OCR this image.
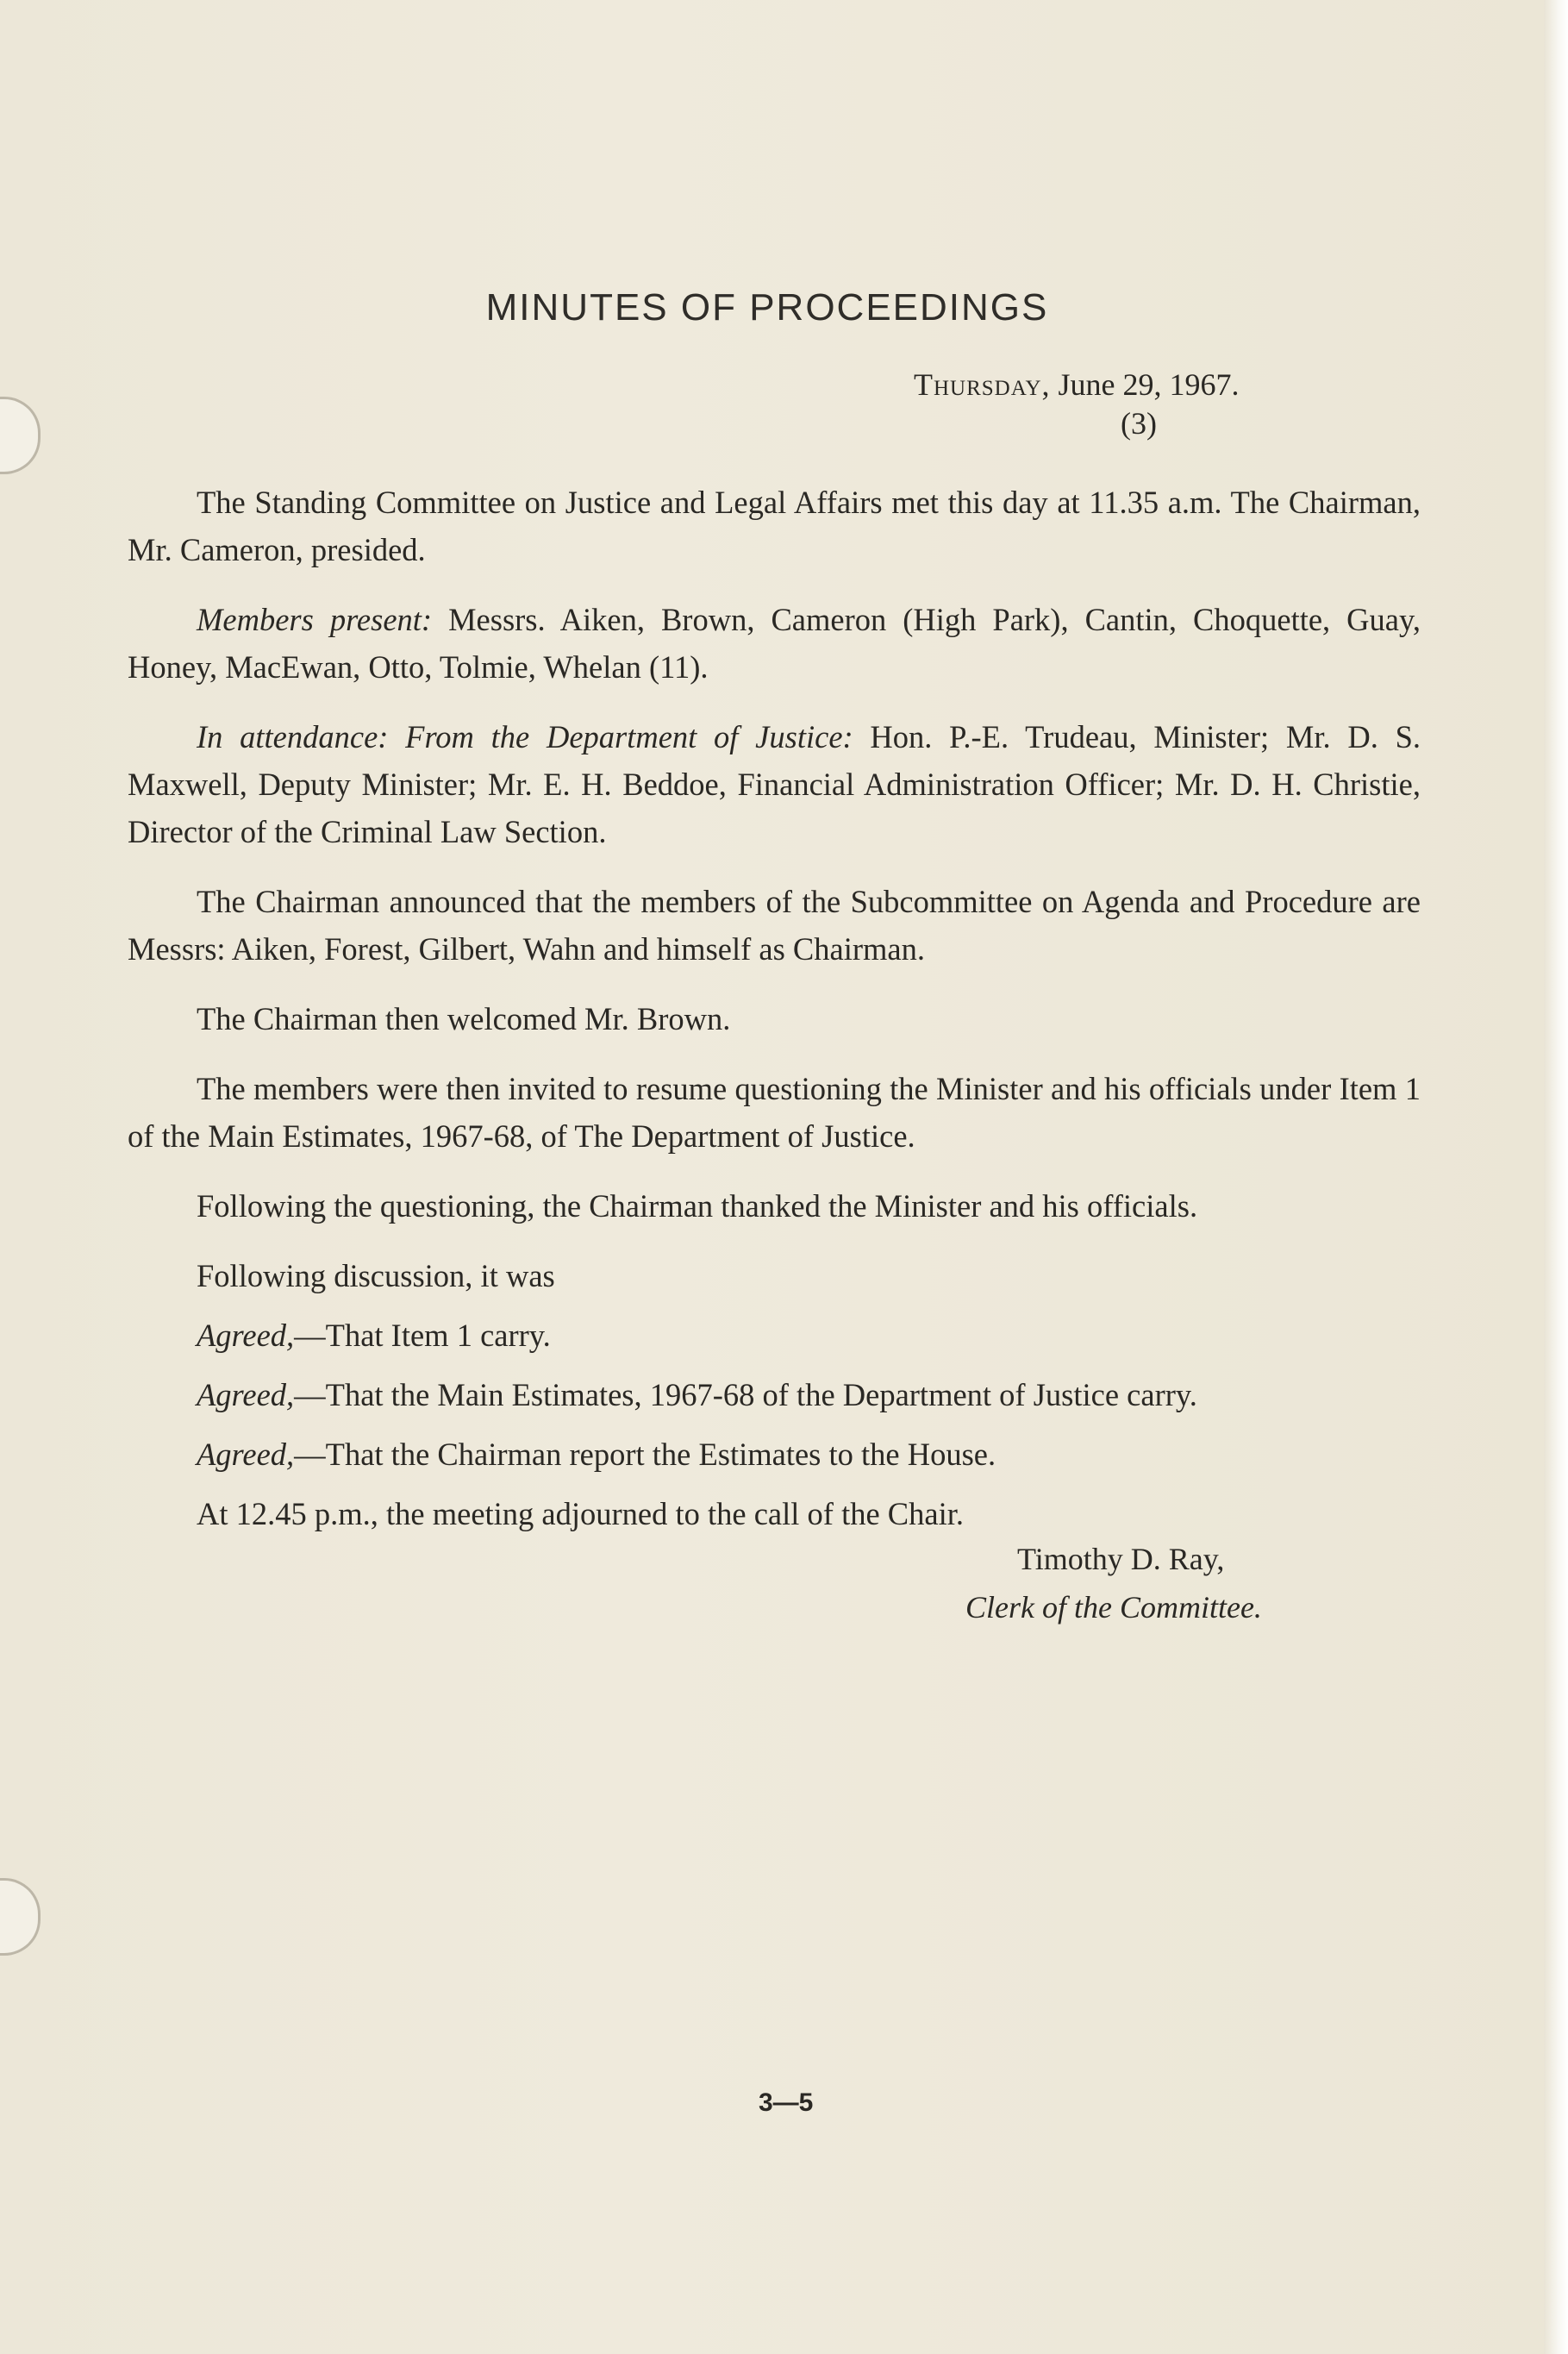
MINUTES OF PROCEEDINGS
Thursday, June 29, 1967.
(3)

The Standing Committee on Justice and Legal Affairs met this day at 11.35 a.m. The Chairman, Mr. Cameron, presided.

Members present: Messrs. Aiken, Brown, Cameron (High Park), Cantin, Choquette, Guay, Honey, MacEwan, Otto, Tolmie, Whelan (11).

In attendance: From the Department of Justice: Hon. P.-E. Trudeau, Minister; Mr. D. S. Maxwell, Deputy Minister; Mr. E. H. Beddoe, Financial Administration Officer; Mr. D. H. Christie, Director of the Criminal Law Section.

The Chairman announced that the members of the Subcommittee on Agenda and Procedure are Messrs: Aiken, Forest, Gilbert, Wahn and himself as Chairman.

The Chairman then welcomed Mr. Brown.

The members were then invited to resume questioning the Minister and his officials under Item 1 of the Main Estimates, 1967-68, of The Department of Justice.

Following the questioning, the Chairman thanked the Minister and his officials.

Following discussion, it was

Agreed,—That Item 1 carry.

Agreed,—That the Main Estimates, 1967-68 of the Department of Justice carry.

Agreed,—That the Chairman report the Estimates to the House.

At 12.45 p.m., the meeting adjourned to the call of the Chair.

Timothy D. Ray,
Clerk of the Committee.
3—5
